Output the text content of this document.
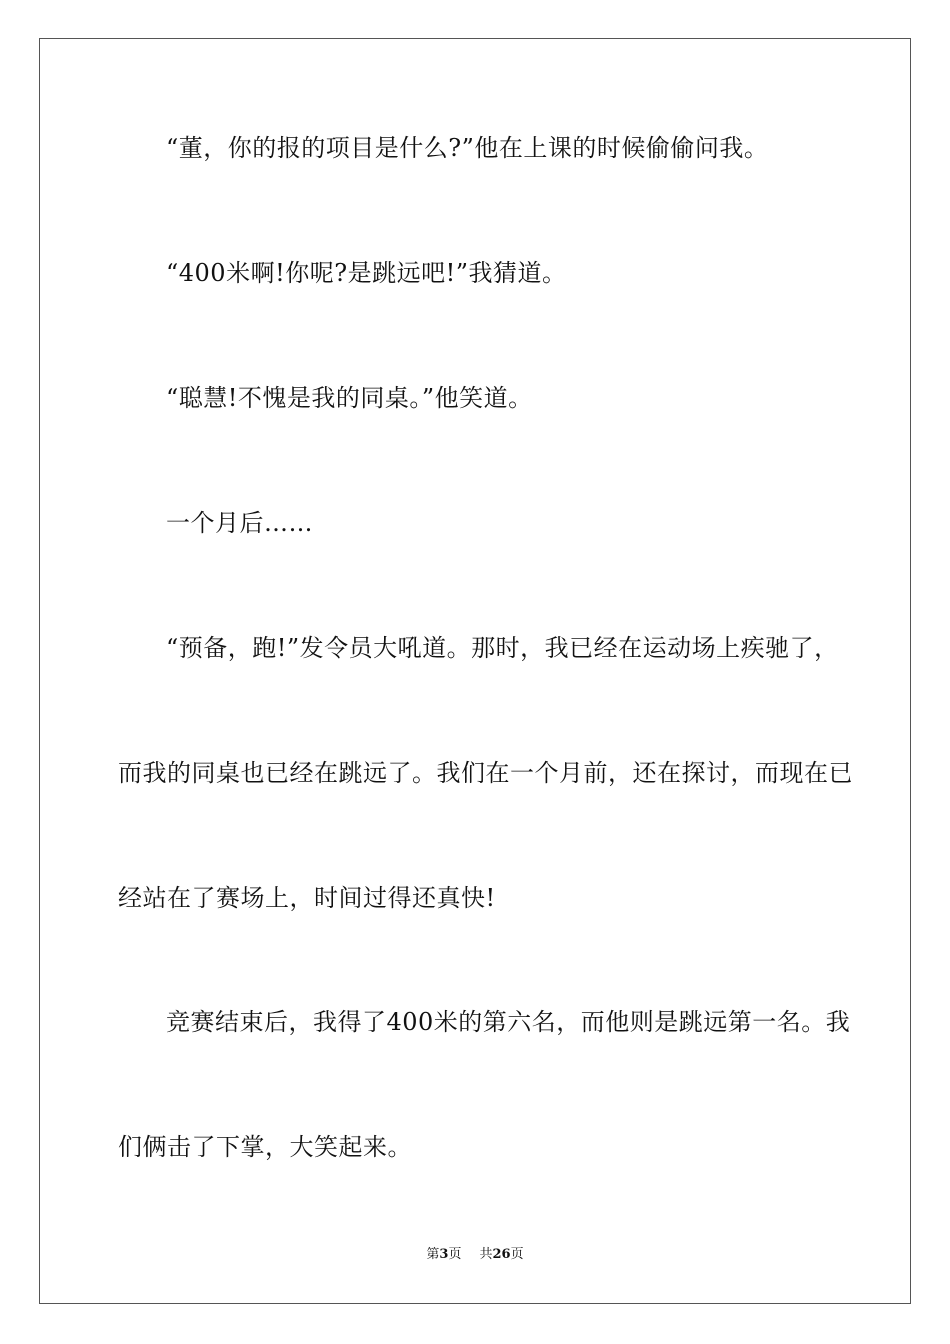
“董，你的报的项目是什么?”他在上课的时候偷偷问我。
“400米啊!你呢?是跳远吧!”我猜道。
“聪慧!不愧是我的同桌。”他笑道。
一个月后……
“预备，跑!”发令员大吼道。那时，我已经在运动场上疾驰了，
而我的同桌也已经在跳远了。我们在一个月前，还在探讨，而现在已
经站在了赛场上，时间过得还真快!
竞赛结束后，我得了400米的第六名，而他则是跳远第一名。我
们俩击了下掌，大笑起来。
第3页 共26页
